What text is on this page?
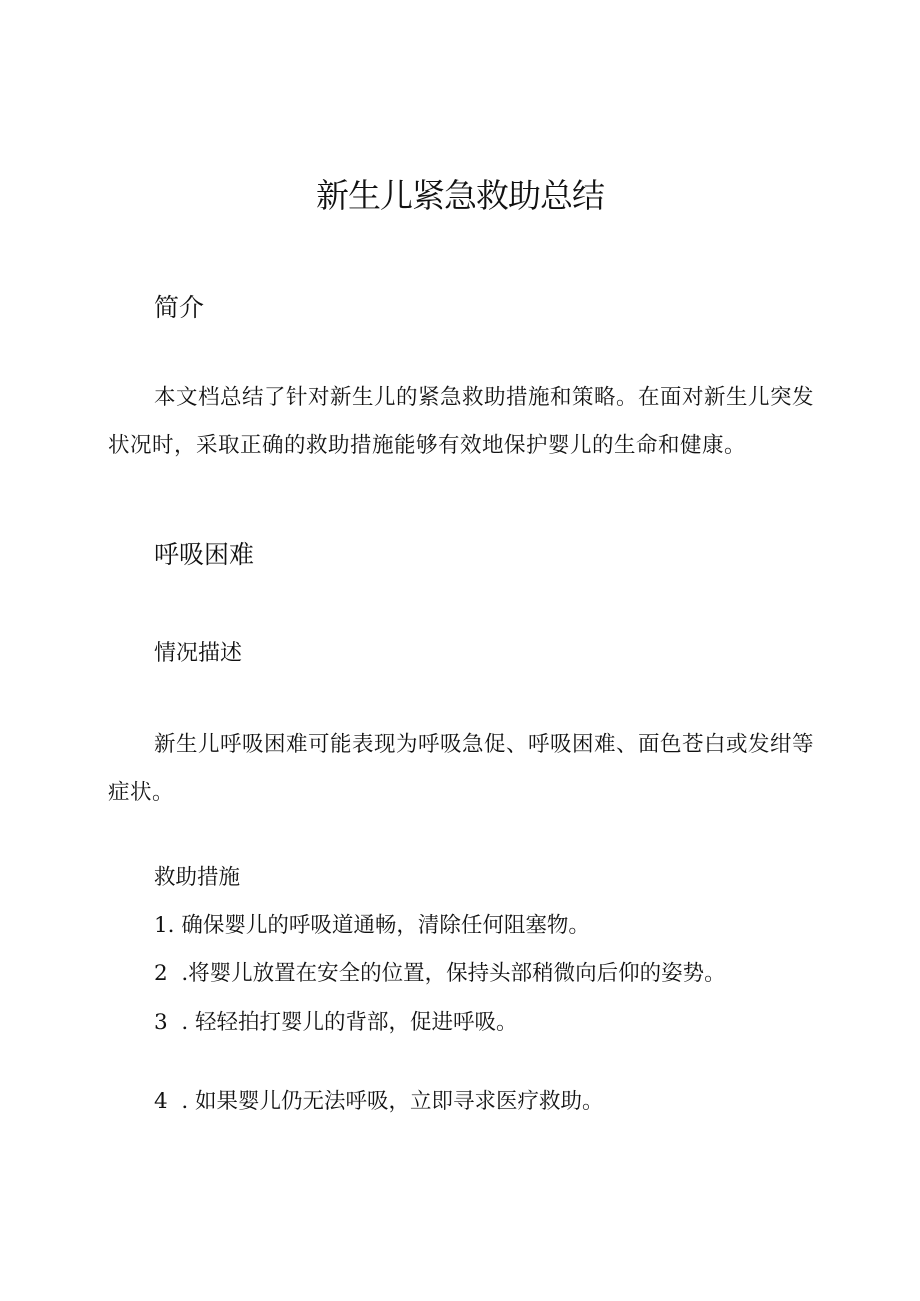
新生儿紧急救助总结
简介

本文档总结了针对新生儿的紧急救助措施和策略。在面对新生儿突发状况时，采取正确的救助措施能够有效地保护婴儿的生命和健康。

呼吸困难
情况描述

新生儿呼吸困难可能表现为呼吸急促、呼吸困难、面色苍白或发绀等症状。

救助措施

1. 确保婴儿的呼吸道通畅，清除任何阻塞物。

2  .将婴儿放置在安全的位置，保持头部稍微向后仰的姿势。

3  . 轻轻拍打婴儿的背部，促进呼吸。

4  . 如果婴儿仍无法呼吸，立即寻求医疗救助。
